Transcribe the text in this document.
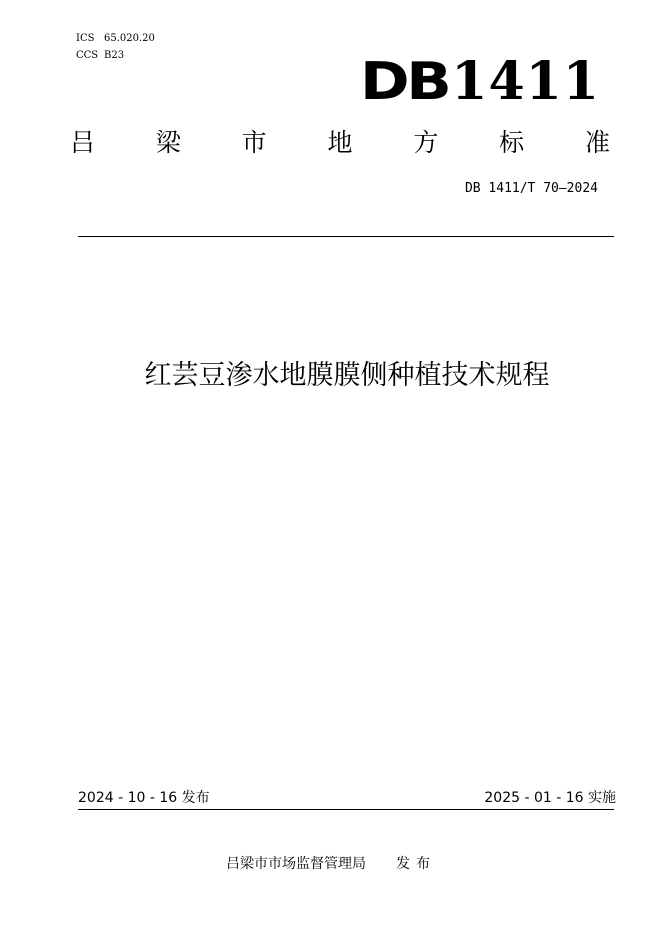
ICS 65.020.20
CCS B23	DB1411
吕 梁 市 地 方 标 准
DB 1411/T 70—2024
红芸豆渗水地膜膜侧种植技术规程
2024 - 10 - 16 发布	2025 - 01 - 16 实施
吕梁市市场监督管理局 发布
